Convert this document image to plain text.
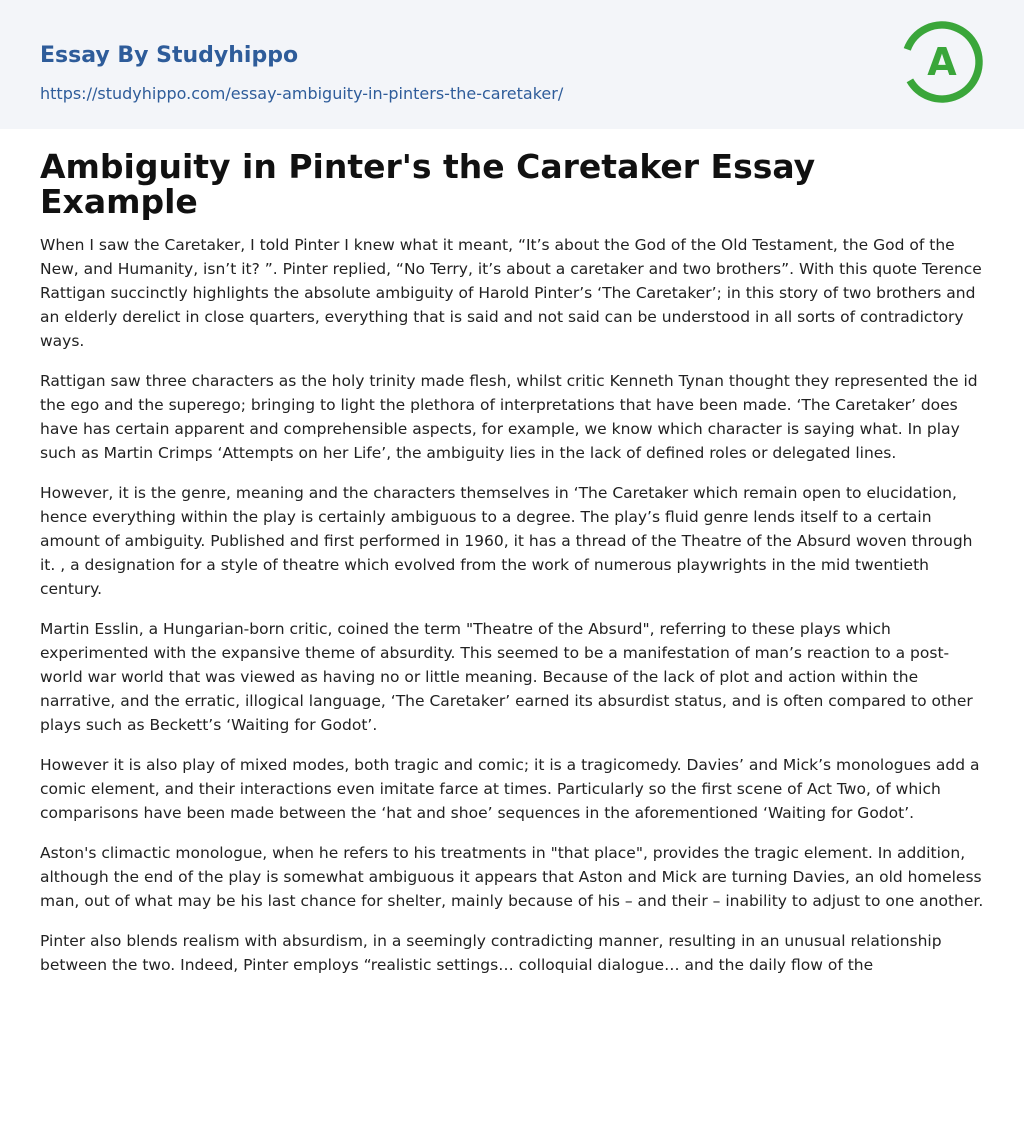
Essay By Studyhippo
https://studyhippo.com/essay-ambiguity-in-pinters-the-caretaker/
A
Ambiguity in Pinter's the Caretaker Essay Example

When I saw the Caretaker, I told Pinter I knew what it meant, “It’s about the God of the Old Testament, the God of the New, and Humanity, isn’t it? ”. Pinter replied, “No Terry, it’s about a caretaker and two brothers”. With this quote Terence Rattigan succinctly highlights the absolute ambiguity of Harold Pinter’s ‘The Caretaker’; in this story of two brothers and an elderly derelict in close quarters, everything that is said and not said can be understood in all sorts of contradictory ways.

Rattigan saw three characters as the holy trinity made flesh, whilst critic Kenneth Tynan thought they represented the id the ego and the superego; bringing to light the plethora of interpretations that have been made. ‘The Caretaker’ does have has certain apparent and comprehensible aspects, for example, we know which character is saying what. In play such as Martin Crimps ‘Attempts on her Life’, the ambiguity lies in the lack of defined roles or delegated lines.

However, it is the genre, meaning and the characters themselves in ‘The Caretaker which remain open to elucidation, hence everything within the play is certainly ambiguous to a degree. The play’s fluid genre lends itself to a certain amount of ambiguity. Published and first performed in 1960, it has a thread of the Theatre of the Absurd woven through it. , a designation for a style of theatre which evolved from the work of numerous playwrights in the mid twentieth century.

Martin Esslin, a Hungarian-born critic, coined the term "Theatre of the Absurd", referring to these plays which experimented with the expansive theme of absurdity. This seemed to be a manifestation of man’s reaction to a post-world war world that was viewed as having no or little meaning. Because of the lack of plot and action within the narrative, and the erratic, illogical language, ‘The Caretaker’ earned its absurdist status, and is often compared to other plays such as Beckett’s ‘Waiting for Godot’.

However it is also play of mixed modes, both tragic and comic; it is a tragicomedy. Davies’ and Mick’s monologues add a comic element, and their interactions even imitate farce at times. Particularly so the first scene of Act Two, of which comparisons have been made between the ‘hat and shoe’ sequences in the aforementioned ‘Waiting for Godot’.

Aston's climactic monologue, when he refers to his treatments in "that place", provides the tragic element. In addition, although the end of the play is somewhat ambiguous it appears that Aston and Mick are turning Davies, an old homeless man, out of what may be his last chance for shelter, mainly because of his – and their – inability to adjust to one another.

Pinter also blends realism with absurdism, in a seemingly contradicting manner, resulting in an unusual relationship between the two. Indeed, Pinter employs “realistic settings… colloquial dialogue… and the daily flow of the
